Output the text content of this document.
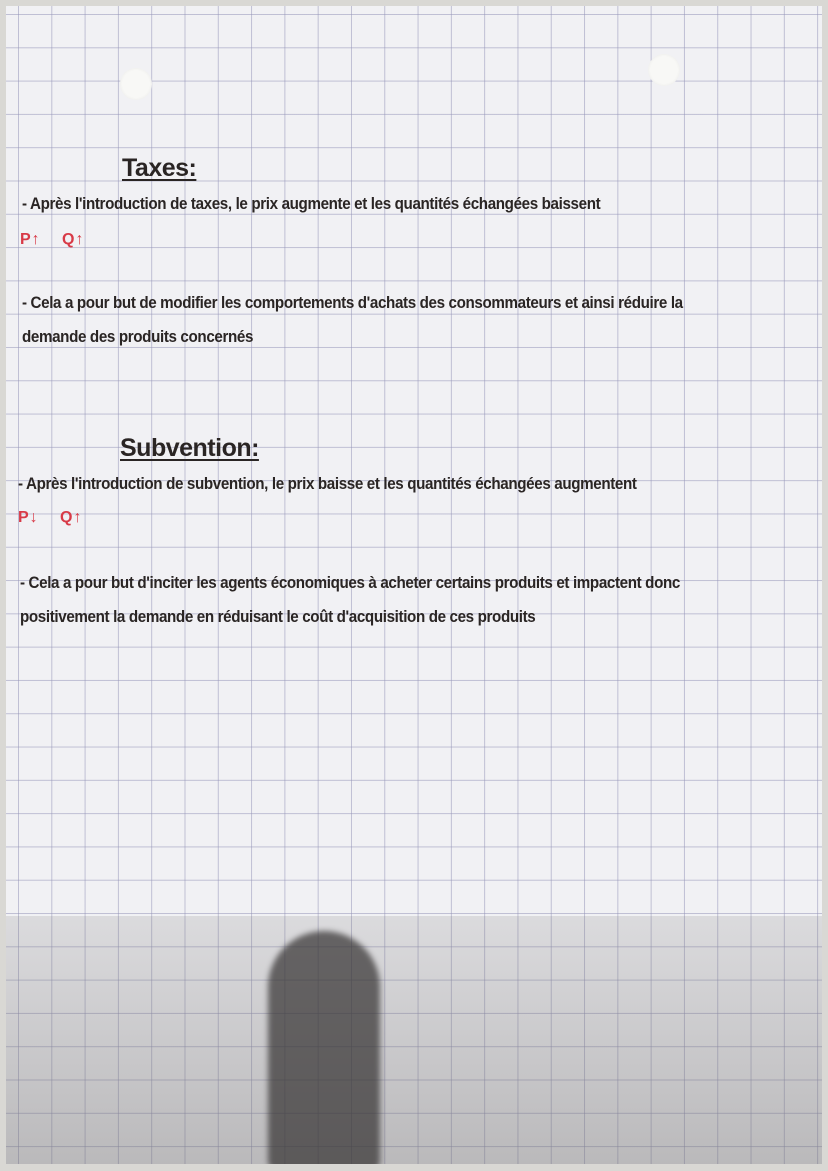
Taxes:
- Après l'introduction de taxes, le prix augmente et les quantités échangées baissent
P↑ Q↑
- Cela a pour but de modifier les comportements d'achats des consommateurs et ainsi réduire la
demande des produits concernés
Subvention:
- Après l'introduction de subvention, le prix baisse et les quantités échangées augmentent
P↓ Q↑
- Cela a pour but d'inciter les agents économiques à acheter certains produits et impactent donc
positivement la demande en réduisant le coût d'acquisition de ces produits
